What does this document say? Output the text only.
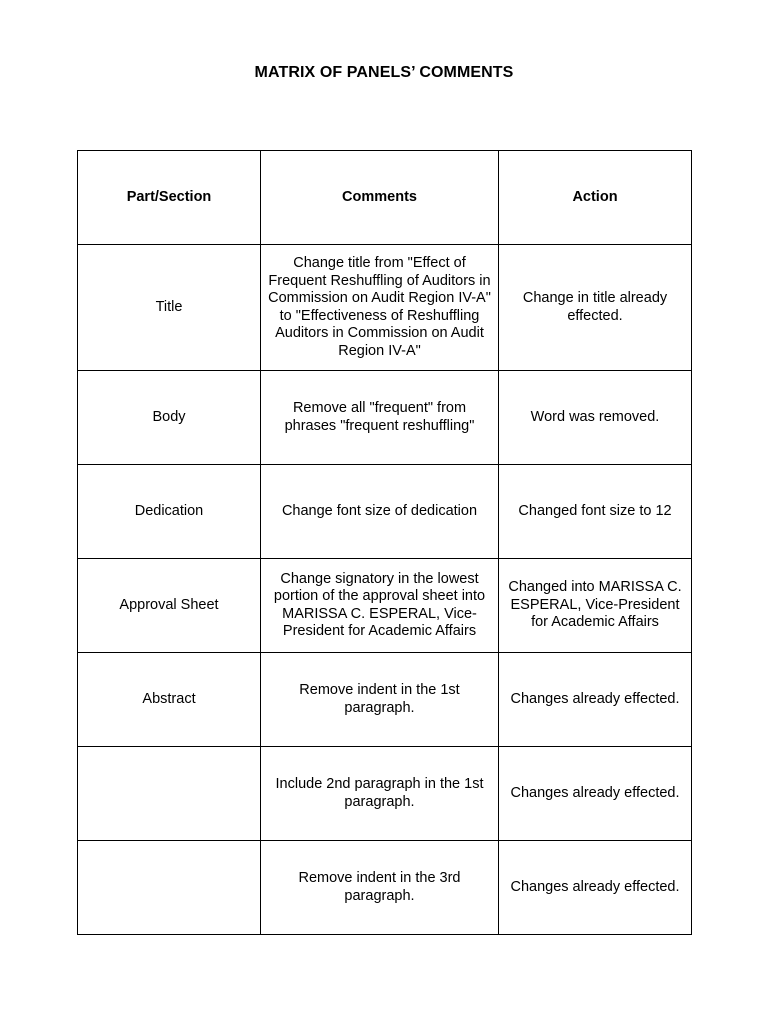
MATRIX OF PANELS’ COMMENTS
Part/Section	Comments	Action
Title	Change title from "Effect of Frequent Reshuffling of Auditors in Commission on Audit Region IV-A" to "Effectiveness of Reshuffling Auditors in Commission on Audit Region IV-A"	Change in title already effected.
Body	Remove all "frequent" from phrases "frequent reshuffling"	Word was removed.
Dedication	Change font size of dedication	Changed font size to 12
Approval Sheet	Change signatory in the lowest portion of the approval sheet into MARISSA C. ESPERAL, Vice-President for Academic Affairs	Changed into MARISSA C. ESPERAL, Vice-President for Academic Affairs
Abstract	Remove indent in the 1st paragraph.	Changes already effected.
	Include 2nd paragraph in the 1st paragraph.	Changes already effected.
	Remove indent in the 3rd paragraph.	Changes already effected.
